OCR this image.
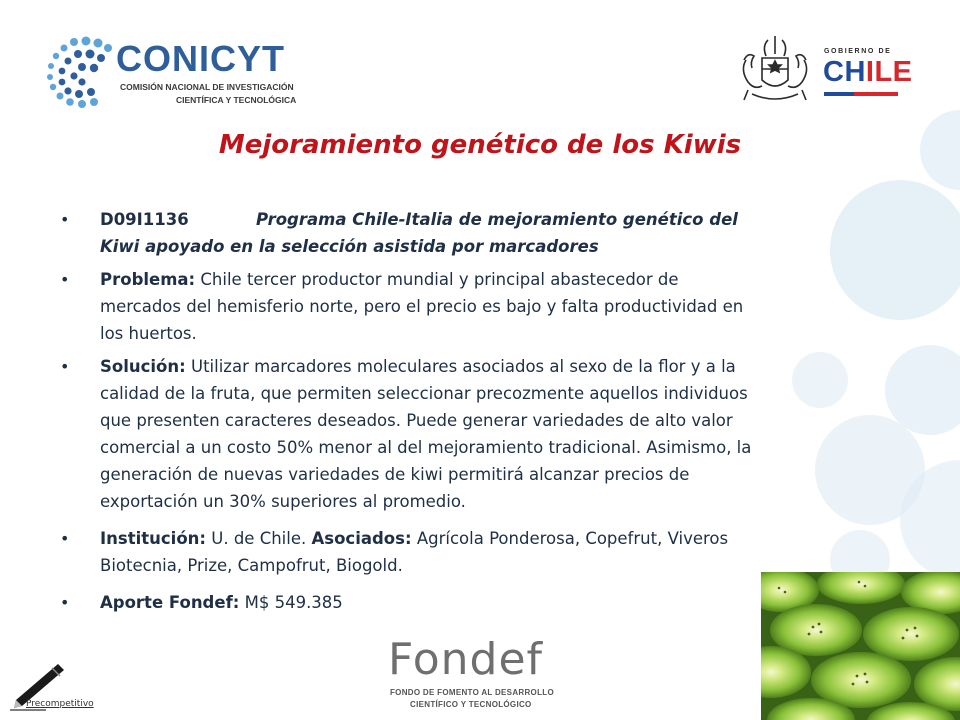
CONICYT
COMISIÓN NACIONAL DE INVESTIGACIÓN
CIENTÍFICA Y TECNOLÓGICA
GOBIERNO DE
CHILE
Mejoramiento genético de los Kiwis
• D09I1136	Programa Chile-Italia de mejoramiento genético del Kiwi apoyado en la selección asistida por marcadores
• Problema: Chile tercer productor mundial y principal abastecedor de mercados del hemisferio norte, pero el precio es bajo y falta productividad en los huertos.
• Solución: Utilizar marcadores moleculares asociados al sexo de la flor y a la calidad de la fruta, que permiten seleccionar precozmente aquellos individuos que presenten caracteres deseados. Puede generar variedades de alto valor comercial a un costo 50% menor al del mejoramiento tradicional. Asimismo, la generación de nuevas variedades de kiwi permitirá alcanzar precios de exportación un 30% superiores al promedio.
• Institución: U. de Chile. Asociados: Agrícola Ponderosa, Copefrut, Viveros Biotecnia, Prize, Campofrut, Biogold.
• Aporte Fondef: M$ 549.385
Fondef
FONDO DE FOMENTO AL DESARROLLO
CIENTÍFICO Y TECNOLÓGICO
Precompetitivo
